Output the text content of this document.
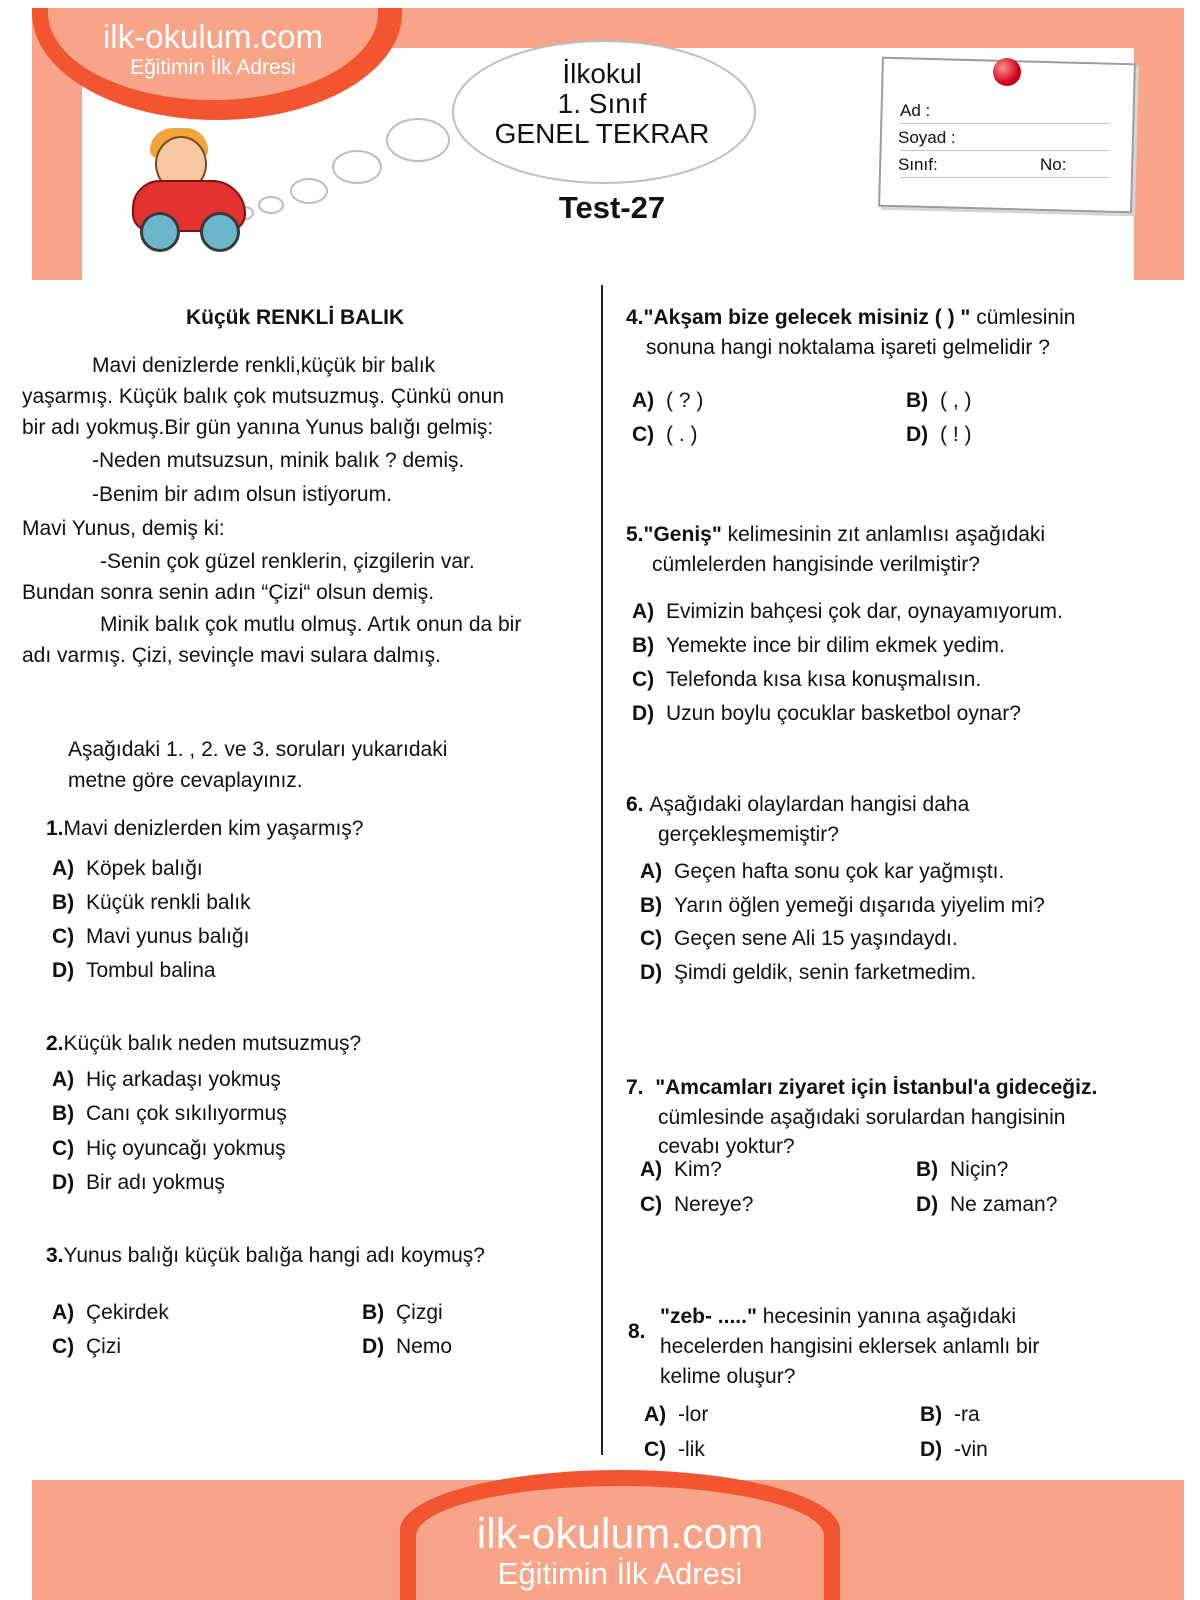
ilk-okulum.com
Eğitimin İlk Adresi	İlkokul
1. Sınıf
GENEL TEKRAR
Test-27
Ad :
Soyad :
Sınıf:	No:
Küçük RENKLİ BALIK
Mavi denizlerde renkli,küçük bir balık
yaşarmış. Küçük balık çok mutsuzmuş. Çünkü onun
bir adı yokmuş.Bir gün yanına Yunus balığı gelmiş:
-Neden mutsuzsun, minik balık ? demiş.
-Benim bir adım olsun istiyorum.
Mavi Yunus, demiş ki:
-Senin çok güzel renklerin, çizgilerin var.
Bundan sonra senin adın “Çizi“ olsun demiş.
Minik balık çok mutlu olmuş. Artık onun da bir
adı varmış. Çizi, sevinçle mavi sulara dalmış.
Aşağıdaki 1. , 2. ve 3. soruları yukarıdaki
metne göre cevaplayınız.
1.Mavi denizlerden kim yaşarmış?
A) Köpek balığı
B) Küçük renkli balık
C) Mavi yunus balığı
D) Tombul balina
2.Küçük balık neden mutsuzmuş?
A) Hiç arkadaşı yokmuş
B) Canı çok sıkılıyormuş
C) Hiç oyuncağı yokmuş
D) Bir adı yokmuş
3.Yunus balığı küçük balığa hangi adı koymuş?
A) Çekirdek	B) Çizgi
C) Çizi	D) Nemo
4."Akşam bize gelecek misiniz ( ) " cümlesinin
sonuna hangi noktalama işareti gelmelidir ?
A) ( ? )	B) ( , )
C) ( . )	D) ( ! )
5."Geniş" kelimesinin zıt anlamlısı aşağıdaki
cümlelerden hangisinde verilmiştir?
A) Evimizin bahçesi çok dar, oynayamıyorum.
B) Yemekte ince bir dilim ekmek yedim.
C) Telefonda kısa kısa konuşmalısın.
D) Uzun boylu çocuklar basketbol oynar?
6. Aşağıdaki olaylardan hangisi daha
gerçekleşmemiştir?
A) Geçen hafta sonu çok kar yağmıştı.
B) Yarın öğlen yemeği dışarıda yiyelim mi?
C) Geçen sene Ali 15 yaşındaydı.
D) Şimdi geldik, senin farketmedim.
7. "Amcamları ziyaret için İstanbul'a gideceğiz.
cümlesinde aşağıdaki sorulardan hangisinin
cevabı yoktur?
A) Kim?	B) Niçin?
C) Nereye?	D) Ne zaman?
8.
"zeb- ....." hecesinin yanına aşağıdaki
hecelerden hangisini eklersek anlamlı bir
kelime oluşur?
A) -lor	B) -ra
C) -lik	D) -vin
ilk-okulum.com
Eğitimin İlk Adresi
